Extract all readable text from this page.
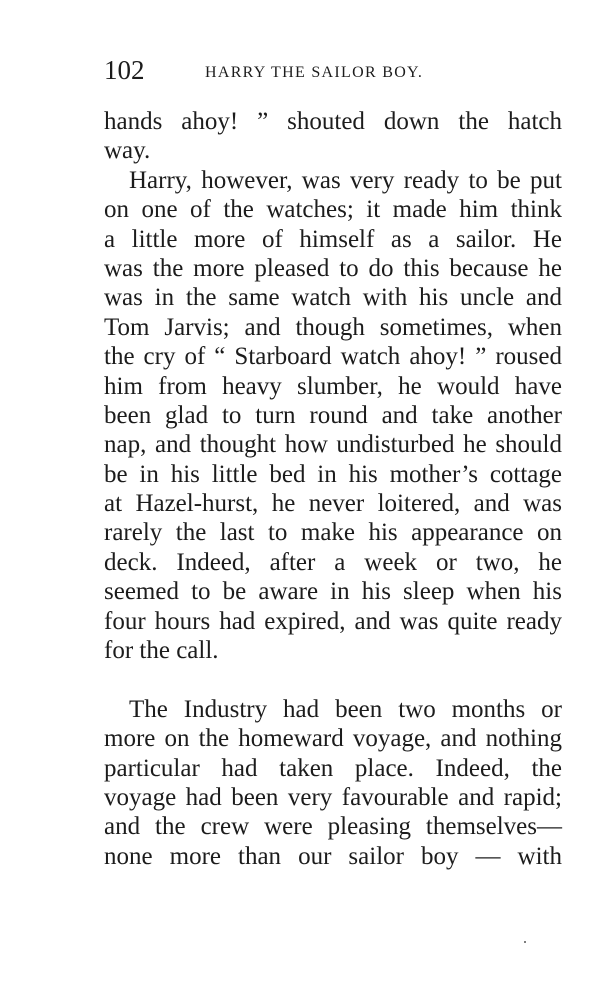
102	HARRY THE SAILOR BOY.
hands ahoy! ” shouted down the hatch
way.
Harry, however, was very ready to be put
on one of the watches; it made him think
a little more of himself as a sailor. He
was the more pleased to do this because he
was in the same watch with his uncle and
Tom Jarvis; and though sometimes, when
the cry of “ Starboard watch ahoy! ” roused
him from heavy slumber, he would have
been glad to turn round and take another
nap, and thought how undisturbed he should
be in his little bed in his mother’s cottage
at Hazel-hurst, he never loitered, and was
rarely the last to make his appearance on
deck. Indeed, after a week or two, he
seemed to be aware in his sleep when his
four hours had expired, and was quite ready
for the call.
The Industry had been two months or
more on the homeward voyage, and nothing
particular had taken place. Indeed, the
voyage had been very favourable and rapid;
and the crew were pleasing themselves—
none more than our sailor boy — with
